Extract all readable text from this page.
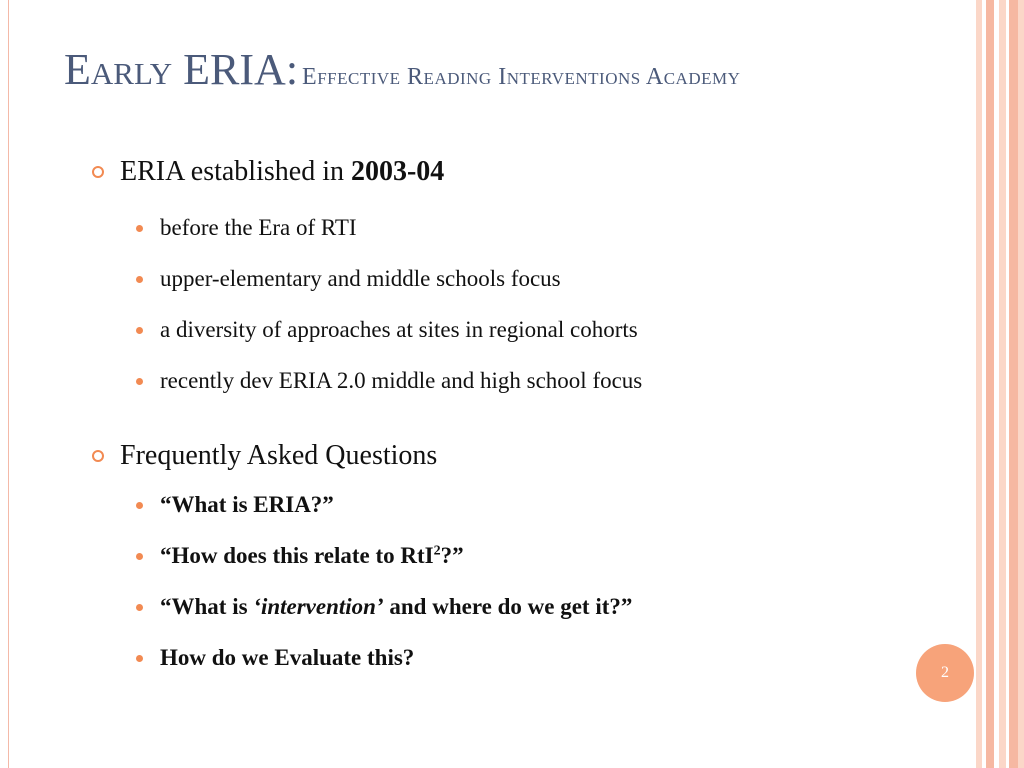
Early ERIA: Effective Reading Interventions Academy
ERIA established in 2003-04
before the Era of RTI
upper-elementary and middle schools focus
a diversity of approaches at sites in regional cohorts
recently dev ERIA 2.0 middle and high school focus
Frequently Asked Questions
“What is ERIA?”
“How does this relate to RtI$^2$?”
“What is ‘intervention’ and where do we get it?”
How do we Evaluate this?
2
